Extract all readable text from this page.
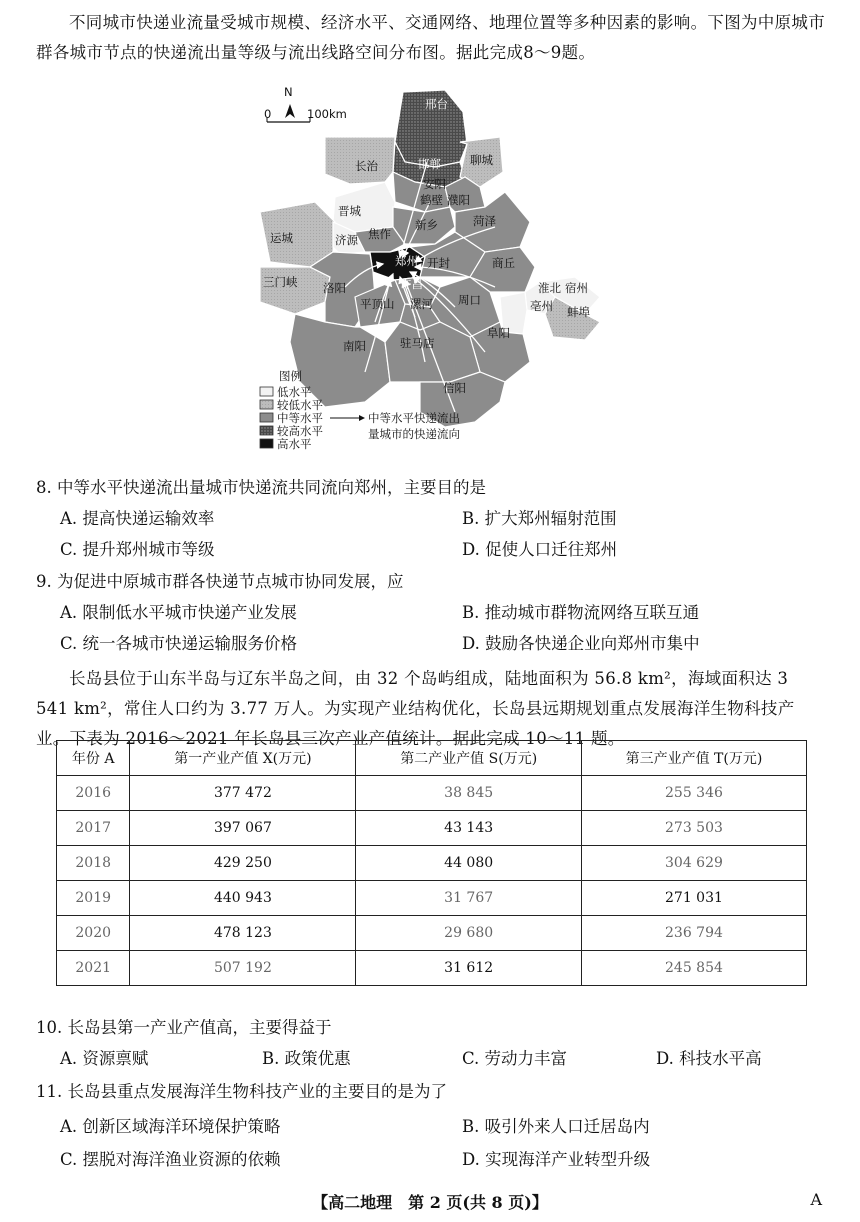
不同城市快递业流量受城市规模、经济水平、交通网络、地理位置等多种因素的影响。下图为中原城市群各城市节点的快递流出量等级与流出线路空间分布图。据此完成8～9题。
N
0	100km
邢台
邯郸
长治	聊城
安阳
鹤壁 濮阳
晋城
新乡	菏泽
运城	济源 焦作
郑州 开封	商丘
三门峡 洛阳	许昌	淮北 宿州
平顶山 漯河 周口	亳州 蚌埠
阜阳
南阳	驻马店
信阳
图例
低水平
较低水平
中等水平
较高水平
高水平
中等水平快递流出
量城市的快递流向
8. 中等水平快递流出量城市快递流共同流向郑州，主要目的是
A. 提高快递运输效率	B. 扩大郑州辐射范围
C. 提升郑州城市等级	D. 促使人口迁往郑州
9. 为促进中原城市群各快递节点城市协同发展，应
A. 限制低水平城市快递产业发展	B. 推动城市群物流网络互联互通
C. 统一各城市快递运输服务价格	D. 鼓励各快递企业向郑州市集中
长岛县位于山东半岛与辽东半岛之间，由 32 个岛屿组成，陆地面积为 56.8 km²，海域面积达 3 541 km²，常住人口约为 3.77 万人。为实现产业结构优化，长岛县远期规划重点发展海洋生物科技产业。下表为 2016～2021 年长岛县三次产业产值统计。据此完成 10～11 题。
年份 A	第一产业产值 X(万元)	第二产业产值 S(万元)	第三产业产值 T(万元)
2016	377 472	38 845	255 346
2017	397 067	43 143	273 503
2018	429 250	44 080	304 629
2019	440 943	31 767	271 031
2020	478 123	29 680	236 794
2021	507 192	31 612	245 854
10. 长岛县第一产业产值高，主要得益于
A. 资源禀赋	B. 政策优惠	C. 劳动力丰富	D. 科技水平高
11. 长岛县重点发展海洋生物科技产业的主要目的是为了
A. 创新区域海洋环境保护策略	B. 吸引外来人口迁居岛内
C. 摆脱对海洋渔业资源的依赖	D. 实现海洋产业转型升级
【高二地理　第 2 页(共 8 页)】	A
